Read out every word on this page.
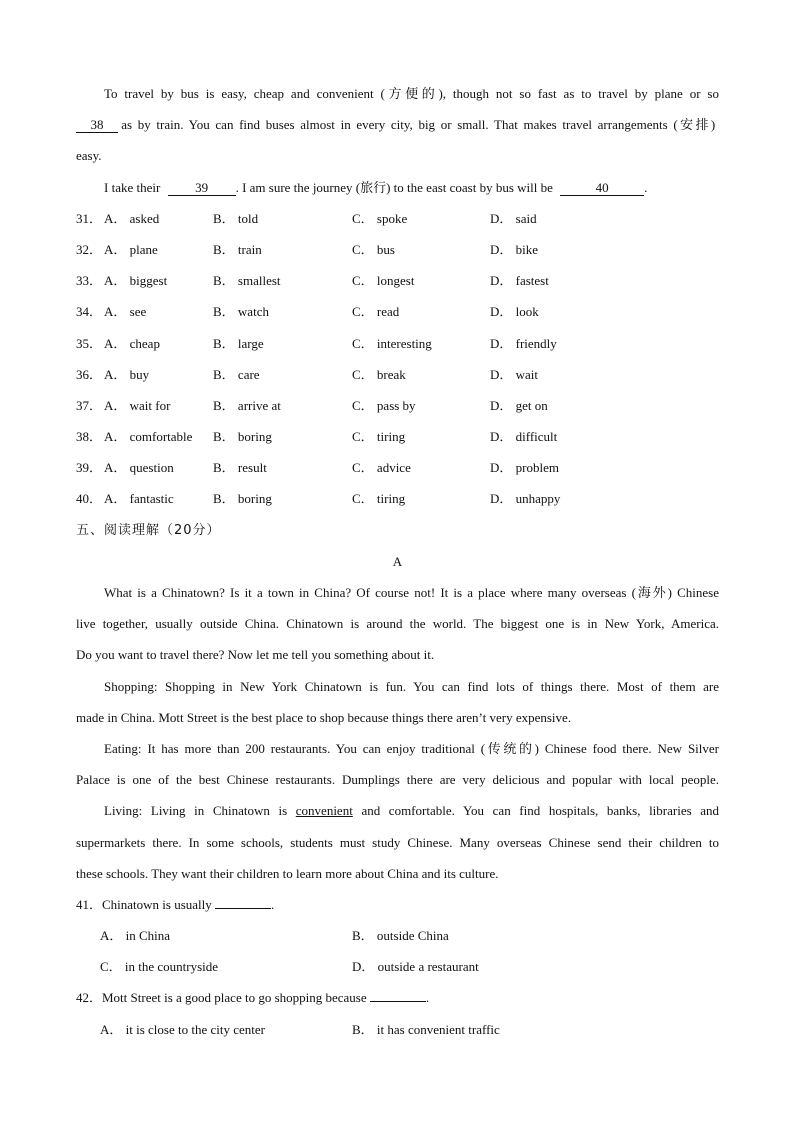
To travel by bus is easy, cheap and convenient (方便的), though not so fast as to travel by plane or so
38 as by train. You can find buses almost in every city, big or small. That makes travel arrangements (安排)
easy.
I take their	39 . I am sure the journey (旅行) to the east coast by bus will be	40	.
31． A． asked	B． told	C． spoke	D． said
32． A． plane	B． train	C． bus	D． bike
33． A． biggest	B． smallest	C． longest	D． fastest
34． A． see	B． watch	C． read	D． look
35． A． cheap	B． large	C． interesting	D． friendly
36． A． buy	B． care	C． break	D． wait
37． A． wait for	B． arrive at	C． pass by	D． get on
38． A． comfortable B． boring	C． tiring	D． difficult
39． A． question	B． result	C． advice	D． problem
40． A． fantastic	B． boring	C． tiring	D． unhappy
五、阅读理解（20分）
A
What is a Chinatown? Is it a town in China? Of course not! It is a place where many overseas (海外) Chinese
live together, usually outside China. Chinatown is around the world. The biggest one is in New York, America.
Do you want to travel there? Now let me tell you something about it.
Shopping: Shopping in New York Chinatown is fun. You can find lots of things there. Most of them are
made in China. Mott Street is the best place to shop because things there aren’t very expensive.
Eating: It has more than 200 restaurants. You can enjoy traditional (传统的) Chinese food there. New Silver
Palace is one of the best Chinese restaurants. Dumplings there are very delicious and popular with local people.
Living: Living in Chinatown is convenient and comfortable. You can find hospitals, banks, libraries and
supermarkets there. In some schools, students must study Chinese. Many overseas Chinese send their children to
these schools. They want their children to learn more about China and its culture.
41．Chinatown is usually	.
A． in China	B． outside China
C． in the countryside	D． outside a restaurant
42．Mott Street is a good place to go shopping because	.
A． it is close to the city center	B． it has convenient traffic
